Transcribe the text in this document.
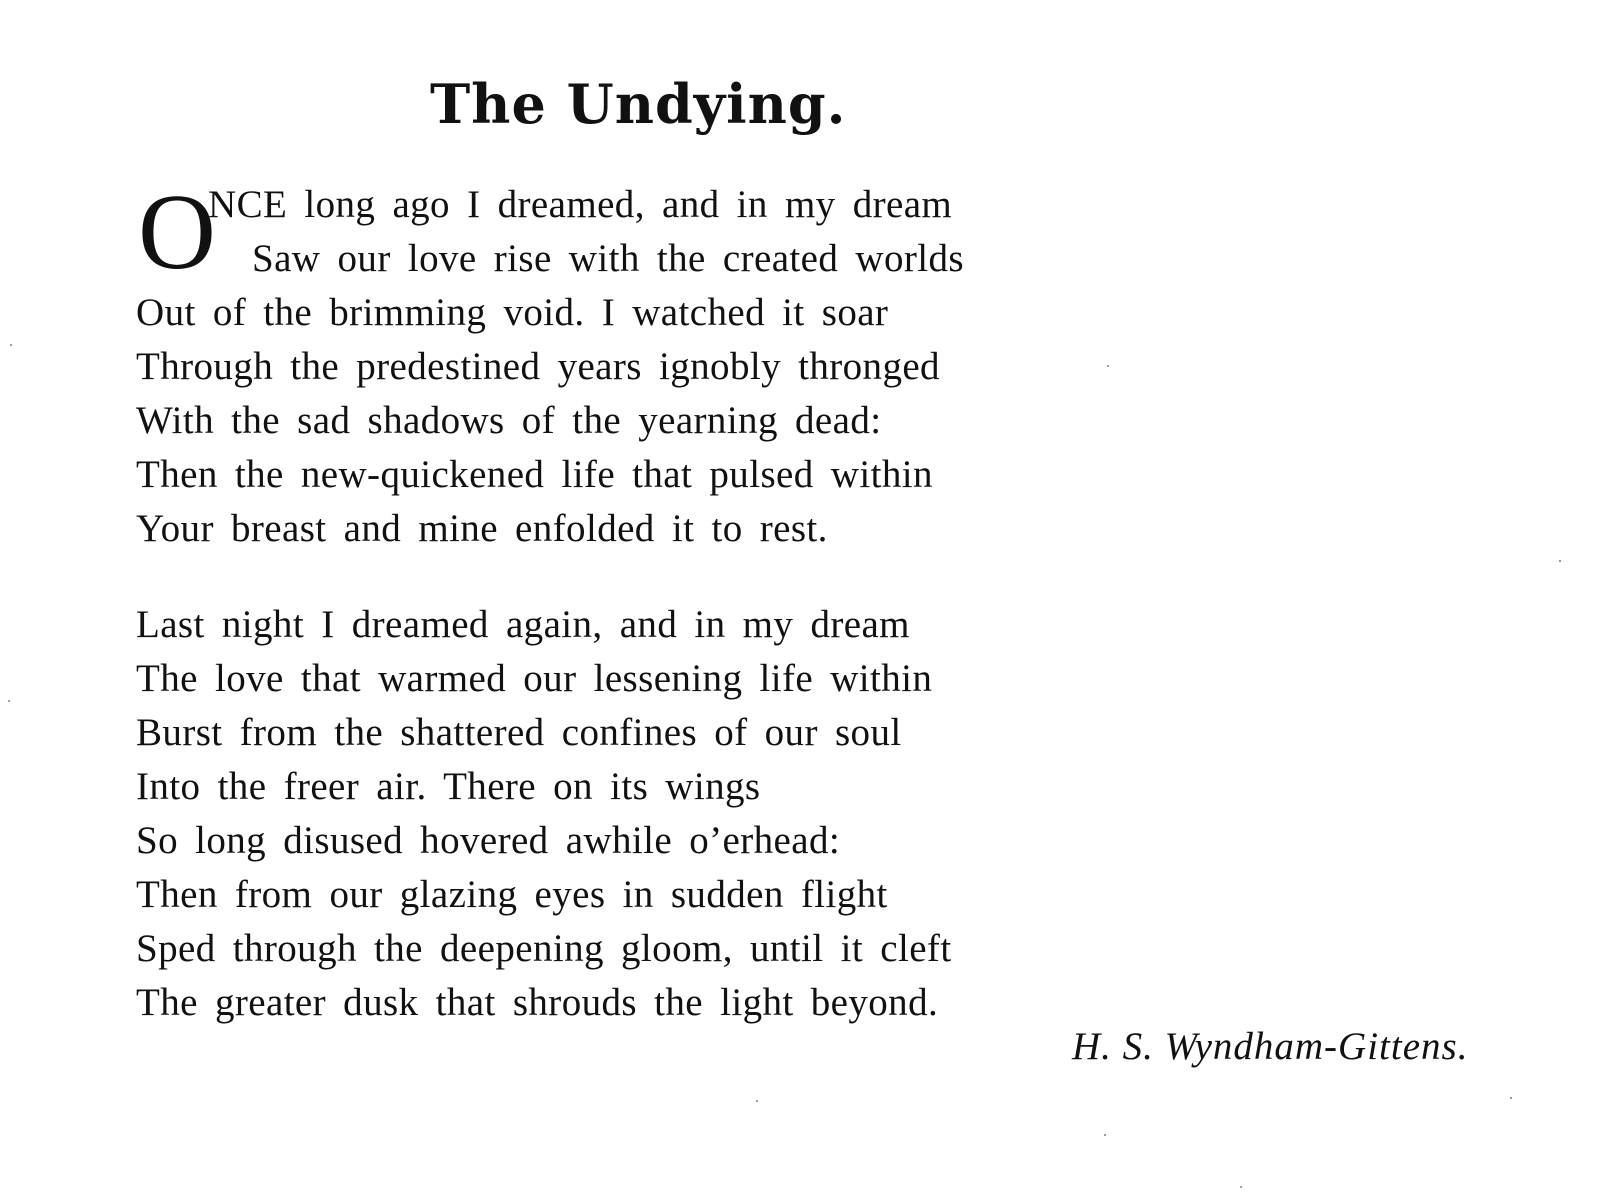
The Undying.
O
NCE long ago I dreamed, and in my dream
Saw our love rise with the created worlds
Out of the brimming void. I watched it soar
Through the predestined years ignobly thronged
With the sad shadows of the yearning dead:
Then the new-quickened life that pulsed within
Your breast and mine enfolded it to rest.
Last night I dreamed again, and in my dream
The love that warmed our lessening life within
Burst from the shattered confines of our soul
Into the freer air. There on its wings
So long disused hovered awhile o’erhead:
Then from our glazing eyes in sudden flight
Sped through the deepening gloom, until it cleft
The greater dusk that shrouds the light beyond.
H. S. Wyndham-Gittens.
